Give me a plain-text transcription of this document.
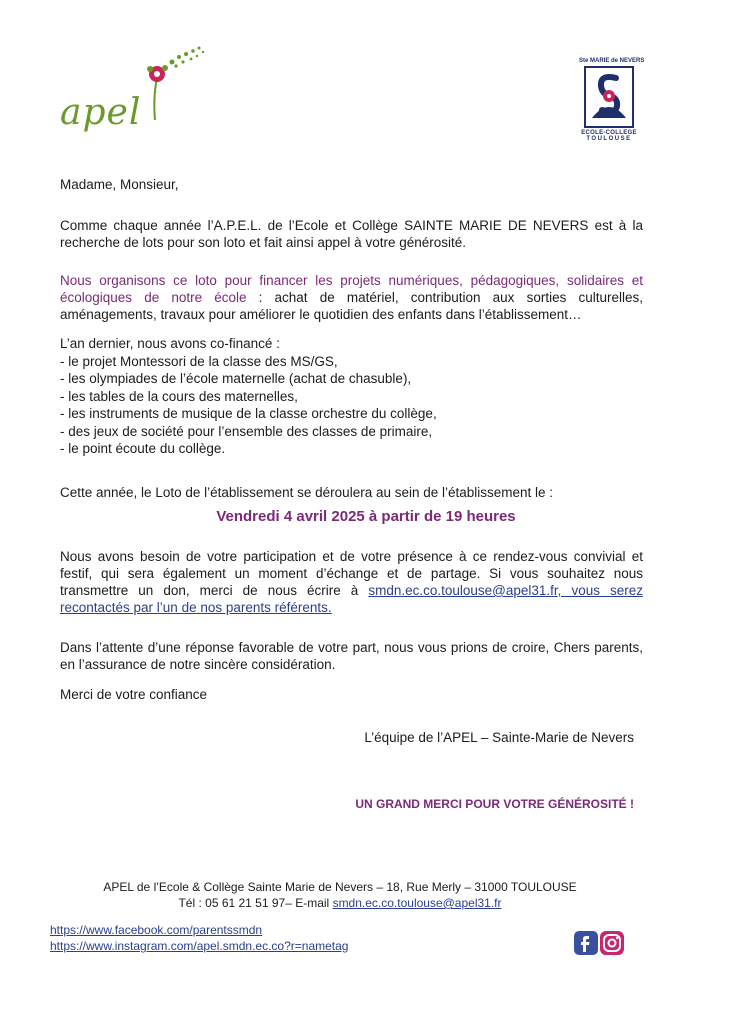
apel
Ste MARIE de NEVERS
ECOLE-COLLEGE
TOULOUSE

Madame, Monsieur,

Comme chaque année l’A.P.E.L. de l’Ecole et Collège SAINTE MARIE DE NEVERS est à la recherche de lots pour son loto et fait ainsi appel à votre générosité.

Nous organisons ce loto pour financer les projets numériques, pédagogiques, solidaires et écologiques de notre école : achat de matériel, contribution aux sorties culturelles, aménagements, travaux pour améliorer le quotidien des enfants dans l’établissement…

L’an dernier, nous avons co-financé :

- le projet Montessori de la classe des MS/GS,
- les olympiades de l’école maternelle (achat de chasuble),
- les tables de la cours des maternelles,
- les instruments de musique de la classe orchestre du collège,
- des jeux de société pour l’ensemble des classes de primaire,
- le point écoute du collège.

Cette année, le Loto de l’établissement se déroulera au sein de l’établissement le :

Vendredi 4 avril 2025 à partir de 19 heures

Nous avons besoin de votre participation et de votre présence à ce rendez-vous convivial et festif, qui sera également un moment d’échange et de partage. Si vous souhaitez nous transmettre un don, merci de nous écrire à smdn.ec.co.toulouse@apel31.fr, vous serez recontactés par l’un de nos parents référents.

Dans l’attente d’une réponse favorable de votre part, nous vous prions de croire, Chers parents, en l’assurance de notre sincère considération.

Merci de votre confiance

L’équipe de l’APEL – Sainte-Marie de Nevers

UN GRAND MERCI POUR VOTRE GÉNÉROSITÉ !

APEL de l’Ecole & Collège Sainte Marie de Nevers – 18, Rue Merly – 31000 TOULOUSE

Tél : 05 61 21 51 97– E-mail smdn.ec.co.toulouse@apel31.fr

https://www.facebook.com/parentssmdn
https://www.instagram.com/apel.smdn.ec.co?r=nametag
